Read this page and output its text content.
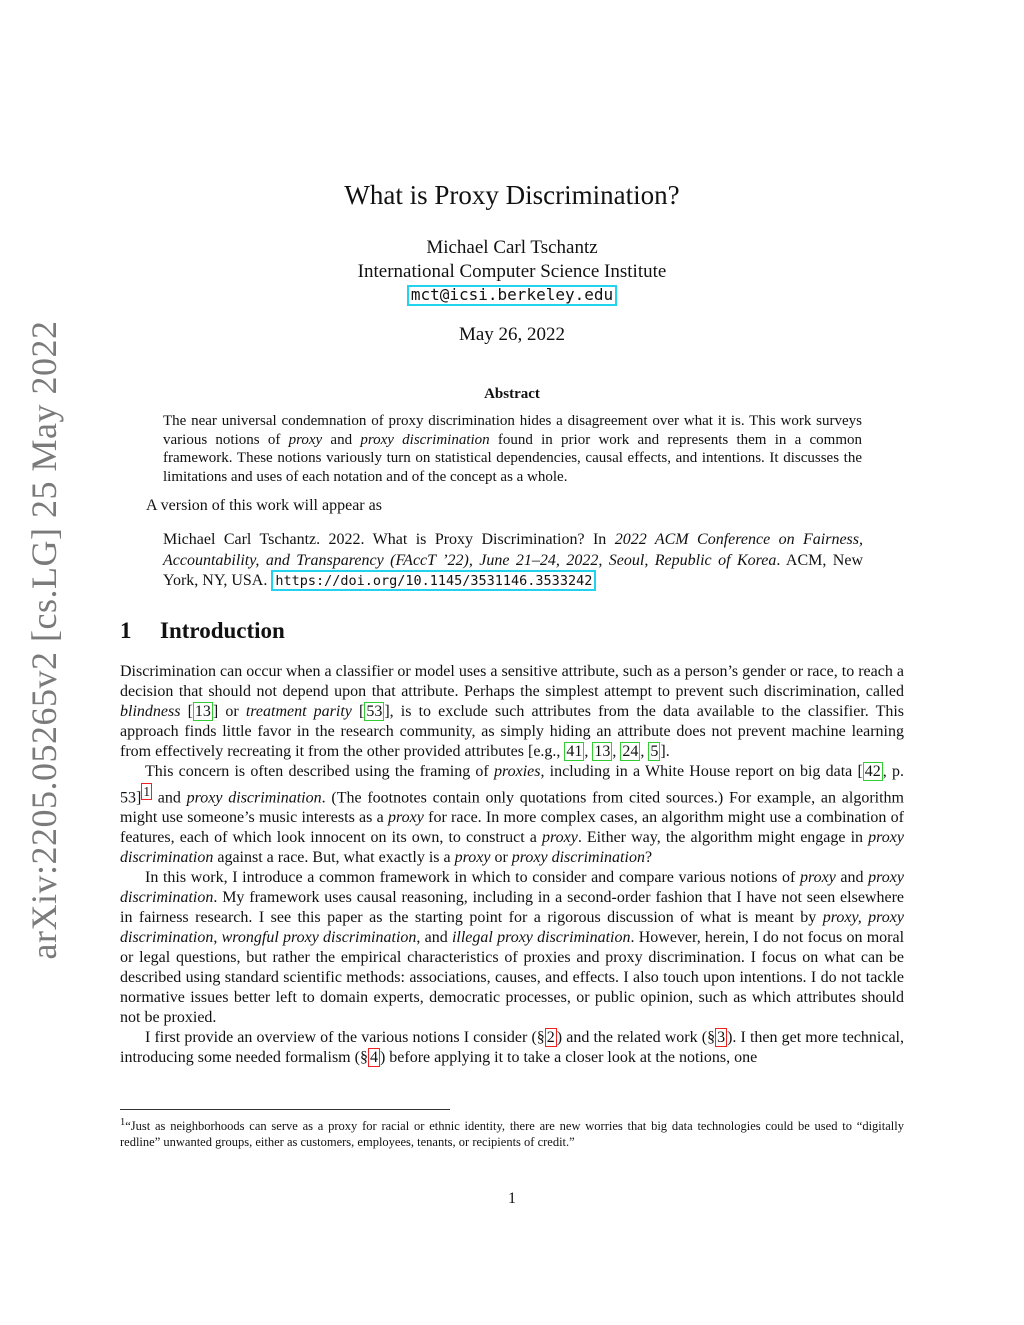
arXiv:2205.05265v2 [cs.LG] 25 May 2022
What is Proxy Discrimination?
Michael Carl Tschantz
International Computer Science Institute
mct@icsi.berkeley.edu
May 26, 2022
Abstract
The near universal condemnation of proxy discrimination hides a disagreement over what it is. This work surveys various notions of proxy and proxy discrimination found in prior work and represents them in a common framework. These notions variously turn on statistical dependencies, causal effects, and intentions. It discusses the limitations and uses of each notation and of the concept as a whole.
A version of this work will appear as
Michael Carl Tschantz. 2022. What is Proxy Discrimination? In 2022 ACM Conference on Fairness, Accountability, and Transparency (FAccT ’22), June 21–24, 2022, Seoul, Republic of Korea. ACM, New York, NY, USA. https://doi.org/10.1145/3531146.3533242
1 Introduction

Discrimination can occur when a classifier or model uses a sensitive attribute, such as a person’s gender or race, to reach a decision that should not depend upon that attribute. Perhaps the simplest attempt to prevent such discrimination, called blindness [ 13 ] or treatment parity [ 53 ], is to exclude such attributes from the data available to the classifier. This approach finds little favor in the research community, as simply hiding an attribute does not prevent machine learning from effectively recreating it from the other provided attributes [e.g., 41 , 13 , 24 , 5 ].

This concern is often described using the framing of proxies, including in a White House report on big data [ 42 , p. 53] $^1$ and proxy discrimination. (The footnotes contain only quotations from cited sources.) For example, an algorithm might use someone’s music interests as a proxy for race. In more complex cases, an algorithm might use a combination of features, each of which look innocent on its own, to construct a proxy. Either way, the algorithm might engage in proxy discrimination against a race. But, what exactly is a proxy or proxy discrimination?

In this work, I introduce a common framework in which to consider and compare various notions of proxy and proxy discrimination. My framework uses causal reasoning, including in a second-order fashion that I have not seen elsewhere in fairness research. I see this paper as the starting point for a rigorous discussion of what is meant by proxy, proxy discrimination, wrongful proxy discrimination, and illegal proxy discrimination. However, herein, I do not focus on moral or legal questions, but rather the empirical characteristics of proxies and proxy discrimination. I focus on what can be described using standard scientific methods: associations, causes, and effects. I also touch upon intentions. I do not tackle normative issues better left to domain experts, democratic processes, or public opinion, such as which attributes should not be proxied.

I first provide an overview of the various notions I consider (§ 2 ) and the related work (§ 3 ). I then get more technical, introducing some needed formalism (§ 4 ) before applying it to take a closer look at the notions, one

$^1$“Just as neighborhoods can serve as a proxy for racial or ethnic identity, there are new worries that big data technologies could be used to “digitally redline” unwanted groups, either as customers, employees, tenants, or recipients of credit.”
1
